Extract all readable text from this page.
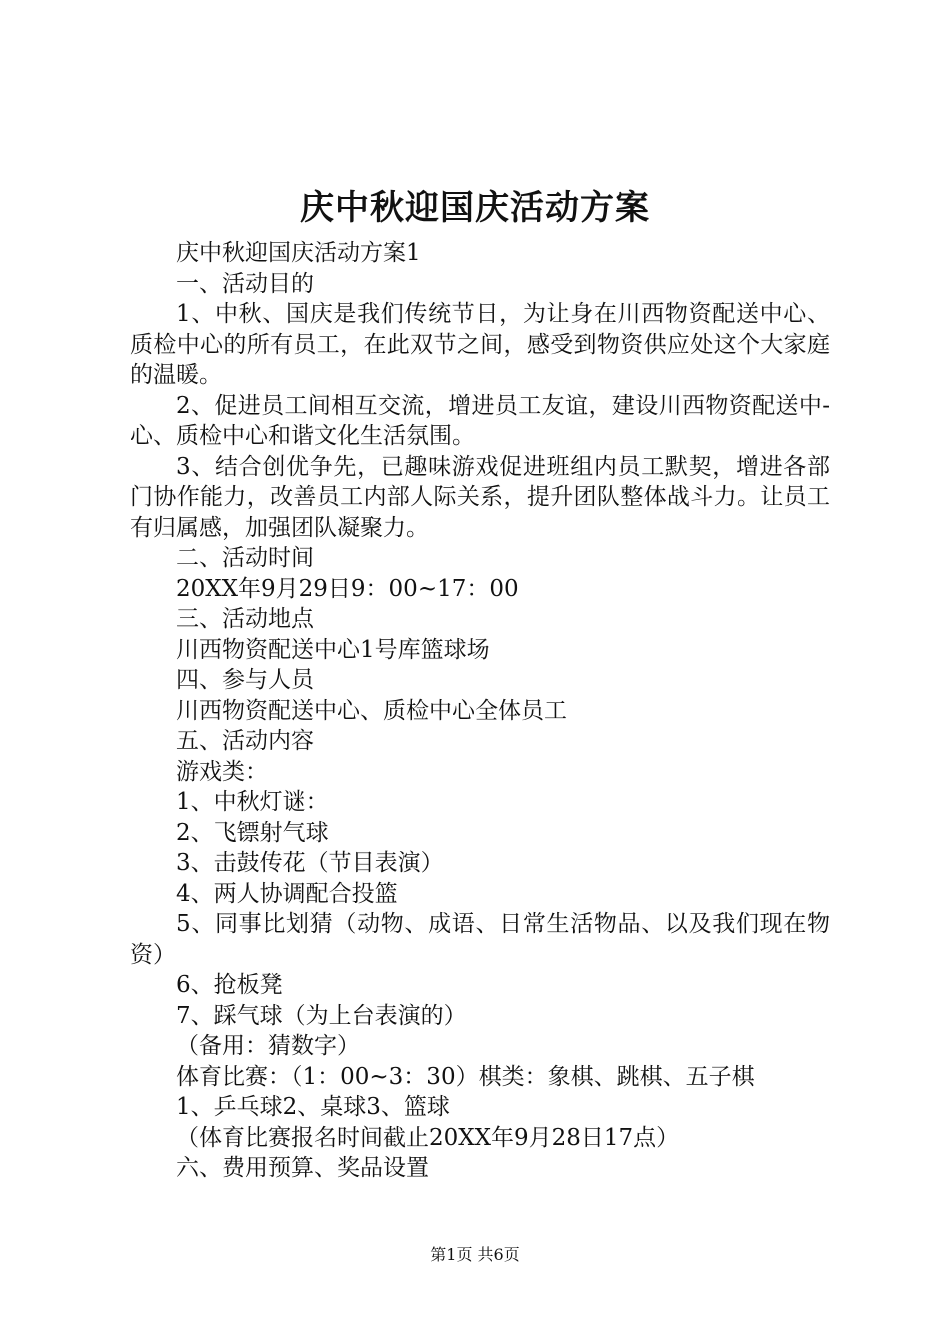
庆中秋迎国庆活动方案

庆中秋迎国庆活动方案1

一、活动目的

1、中秋、国庆是我们传统节日，为让身在川西物资配送中心、质检中心的所有员工，在此双节之间，感受到物资供应处这个大家庭的温暖。

2、促进员工间相互交流，增进员工友谊，建设川西物资配送中-心、质检中心和谐文化生活氛围。

3、结合创优争先，已趣味游戏促进班组内员工默契，增进各部门协作能力，改善员工内部人际关系，提升团队整体战斗力。让员工有归属感，加强团队凝聚力。

二、活动时间

20XX年9月29日9：00~17：00

三、活动地点

川西物资配送中心1号库篮球场

四、参与人员

川西物资配送中心、质检中心全体员工

五、活动内容

游戏类：

1、中秋灯谜：

2、飞镖射气球

3、击鼓传花（节目表演）

4、两人协调配合投篮

5、同事比划猜（动物、成语、日常生活物品、以及我们现在物资）

6、抢板凳

7、踩气球（为上台表演的）

（备用：猜数字）

体育比赛：（1：00~3：30）棋类：象棋、跳棋、五子棋

1、乒乓球2、桌球3、篮球

（体育比赛报名时间截止20XX年9月28日17点）

六、费用预算、奖品设置

第1页 共6页
